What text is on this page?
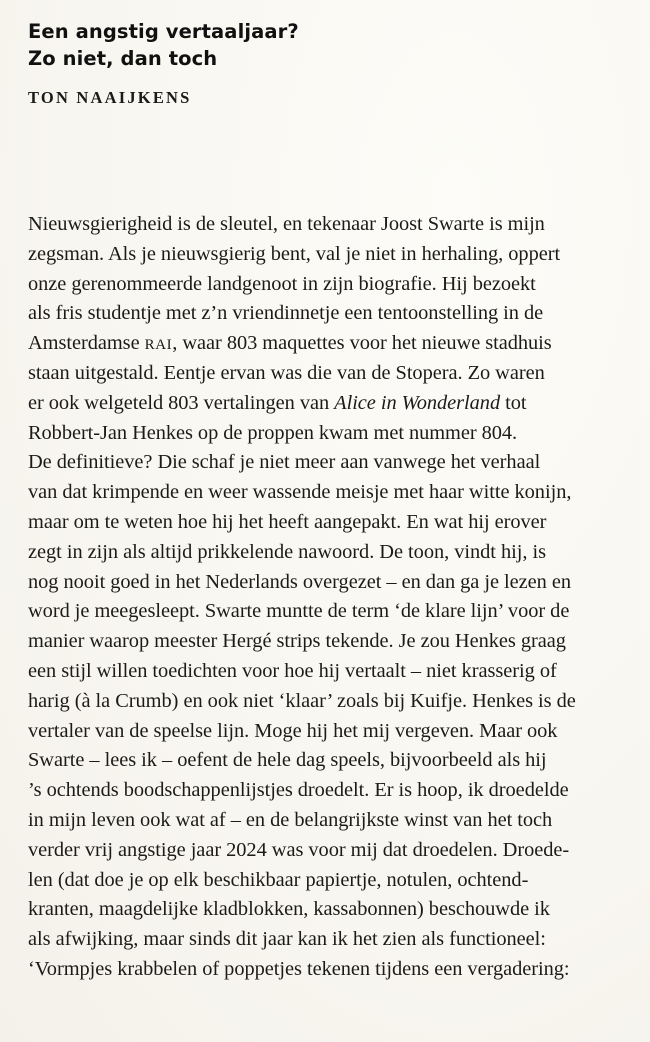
Een angstig vertaaljaar?
Zo niet, dan toch
TON NAAIJKENS
Nieuwsgierigheid is de sleutel, en tekenaar Joost Swarte is mijn
zegsman. Als je nieuwsgierig bent, val je niet in herhaling, oppert
onze gerenommeerde landgenoot in zijn biografie. Hij bezoekt
als fris studentje met z’n vriendinnetje een tentoonstelling in de
Amsterdamse RAI, waar 803 maquettes voor het nieuwe stadhuis
staan uitgestald. Eentje ervan was die van de Stopera. Zo waren
er ook welgeteld 803 vertalingen van Alice in Wonderland tot
Robbert-Jan Henkes op de proppen kwam met nummer 804.
De definitieve? Die schaf je niet meer aan vanwege het verhaal
van dat krimpende en weer wassende meisje met haar witte konijn,
maar om te weten hoe hij het heeft aangepakt. En wat hij erover
zegt in zijn als altijd prikkelende nawoord. De toon, vindt hij, is
nog nooit goed in het Nederlands overgezet – en dan ga je lezen en
word je meegesleept. Swarte muntte de term ‘de klare lijn’ voor de
manier waarop meester Hergé strips tekende. Je zou Henkes graag
een stijl willen toedichten voor hoe hij vertaalt – niet krasserig of
harig (à la Crumb) en ook niet ‘klaar’ zoals bij Kuifje. Henkes is de
vertaler van de speelse lijn. Moge hij het mij vergeven. Maar ook
Swarte – lees ik – oefent de hele dag speels, bijvoorbeeld als hij
’s ochtends boodschappenlijstjes droedelt. Er is hoop, ik droedelde
in mijn leven ook wat af – en de belangrijkste winst van het toch
verder vrij angstige jaar 2024 was voor mij dat droedelen. Droede-
len (dat doe je op elk beschikbaar papiertje, notulen, ochtend-
kranten, maagdelijke kladblokken, kassabonnen) beschouwde ik
als afwijking, maar sinds dit jaar kan ik het zien als functioneel:
‘Vormpjes krabbelen of poppetjes tekenen tijdens een vergadering:
